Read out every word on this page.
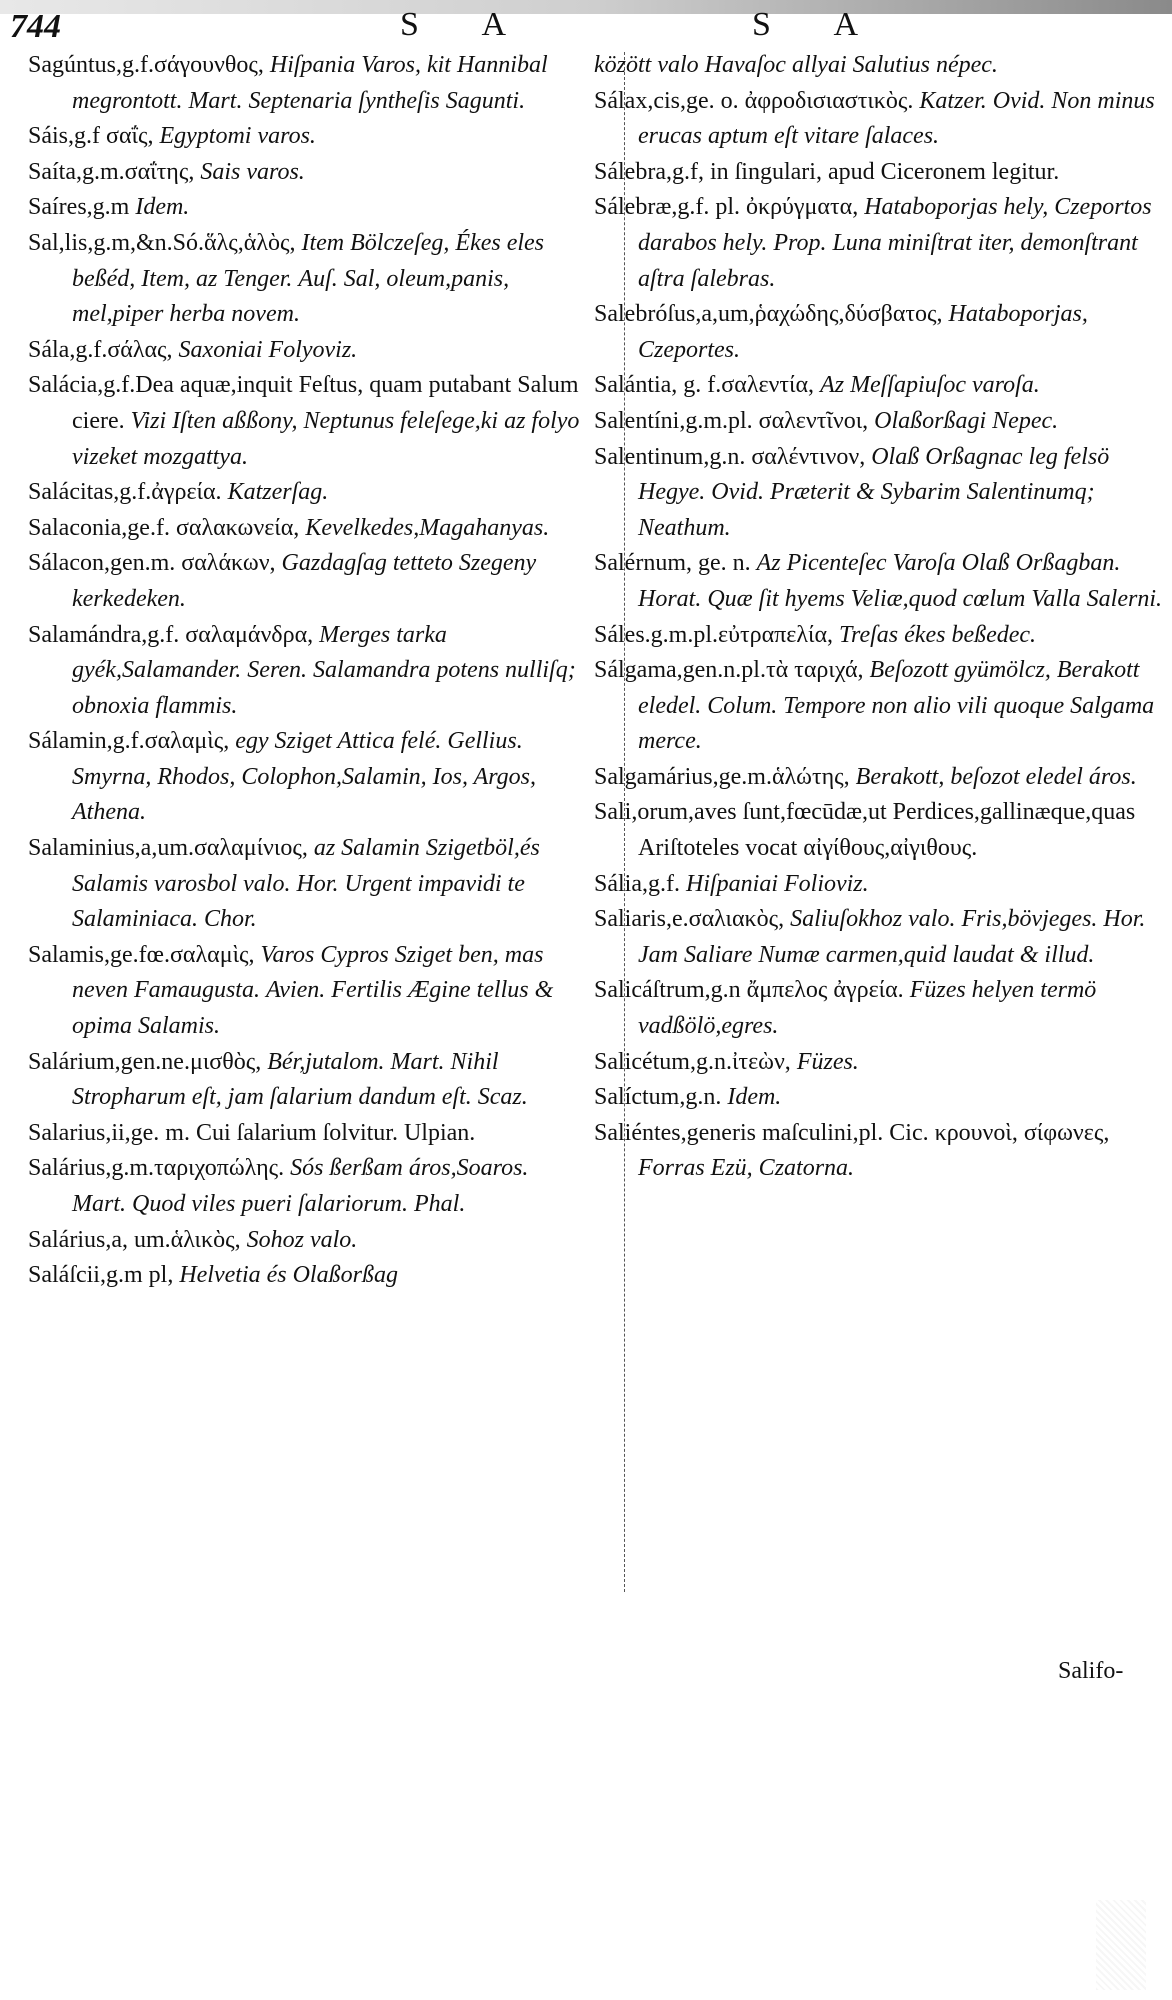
744	S A	S A

Sagúntus,g.f.σάγουνθος, Hiſpania Varos, kit Hannibal megrontott. Mart. Septenaria ſyntheſis Sagunti.

Sáis,g.f σαΐς, Egyptomi varos.

Saíta,g.m.σαΐτης, Sais varos.

Saíres,g.m Idem.

Sal,lis,g.m,&n.Só.ἅλς,ἁλὸς, Item Bölczeſeg, Ékes eles beßéd, Item, az Tenger. Auſ. Sal, oleum,panis, mel,piper herba novem.

Sála,g.f.σάλας, Saxoniai Folyoviz.

Salácia,g.f.Dea aquæ,inquit Feſtus, quam putabant Salum ciere. Vizi Iſten aßßony, Neptunus feleſege,ki az folyo vizeket mozgattya.

Salácitas,g.f.ἀγρεία. Katzerſag.

Salaconia,ge.f. σαλακωνεία, Kevelkedes,Magahanyas.

Sálacon,gen.m. σαλάκων, Gazdagſag tetteto Szegeny kerkedeken.

Salamándra,g.f. σαλαμάνδρα, Merges tarka gyék,Salamander. Seren. Salamandra potens nulliſq; obnoxia flammis.

Sálamin,g.f.σαλαμὶς, egy Sziget Attica felé. Gellius. Smyrna, Rhodos, Colophon,Salamin, Ios, Argos, Athena.

Salaminius,a,um.σαλαμίνιος, az Salamin Szigetböl,és Salamis varosbol valo. Hor. Urgent impavidi te Salaminiaca. Chor.

Salamis,ge.fœ.σαλαμὶς, Varos Cypros Sziget ben, mas neven Famaugusta. Avien. Fertilis Ægine tellus & opima Salamis.

Salárium,gen.ne.μισθὸς, Bér,jutalom. Mart. Nihil Stropharum eſt, jam ſalarium dandum eſt. Scaz.

Salarius,ii,ge. m. Cui ſalarium ſolvitur. Ulpian.

Salárius,g.m.ταριχοπώλης. Sós ßerßam áros,Soaros. Mart. Quod viles pueri ſalariorum. Phal.

Salárius,a, um.ἁλικὸς, Sohoz valo.

Saláſcii,g.m pl, Helvetia és Olaßorßag

között valo Havaſoc allyai Salutius népec.

Sálax,cis,ge. o. ἀφροδισιαστικὸς. Katzer. Ovid. Non minus erucas aptum eſt vitare ſalaces.

Sálebra,g.f, in ſingulari, apud Ciceronem legitur.

Sálebræ,g.f. pl. ὀκρύγματα, Hataboporjas hely, Czeportos darabos hely. Prop. Luna miniſtrat iter, demonſtrant aſtra ſalebras.

Salebróſus,a,um,ῥαχώδης,δύσβατος, Hataboporjas, Czeportes.

Salántia, g. f.σαλεντία, Az Meſſapiuſoc varoſa.

Salentíni,g.m.pl. σαλεντῖνοι, Olaßorßagi Nepec.

Salentinum,g.n. σαλέντινον, Olaß Orßagnac leg felsö Hegye. Ovid. Præterit & Sybarim Salentinumq; Neathum.

Salérnum, ge. n. Az Picenteſec Varoſa Olaß Orßagban. Horat. Quæ ſit hyems Veliæ,quod cœlum Valla Salerni.

Sáles.g.m.pl.εὐτραπελία, Treſas ékes beßedec.

Sálgama,gen.n.pl.τὰ ταριχά, Beſozott gyümölcz, Berakott eledel. Colum. Tempore non alio vili quoque Salgama merce.

Salgamárius,ge.m.ἁλώτης, Berakott, beſozot eledel áros.

Sali,orum,aves ſunt,fœcūdæ,ut Perdices,gallinæque,quas Ariſtoteles vocat αἰγίθους,αἰγιθους.

Sália,g.f. Hiſpaniai Folioviz.

Saliaris,e.σαλιακὸς, Saliuſokhoz valo. Fris,bövjeges. Hor. Jam Saliare Numæ carmen,quid laudat & illud.

Salicáſtrum,g.n ἄμπελος ἀγρεία. Füzes helyen termö vadßölö,egres.

Salicétum,g.n.ἰτεὼν, Füzes.

Salíctum,g.n. Idem.

Saliéntes,generis maſculini,pl. Cic. κρουνοὶ, σίφωνες, Forras Ezü, Czatorna.

Salifo-
